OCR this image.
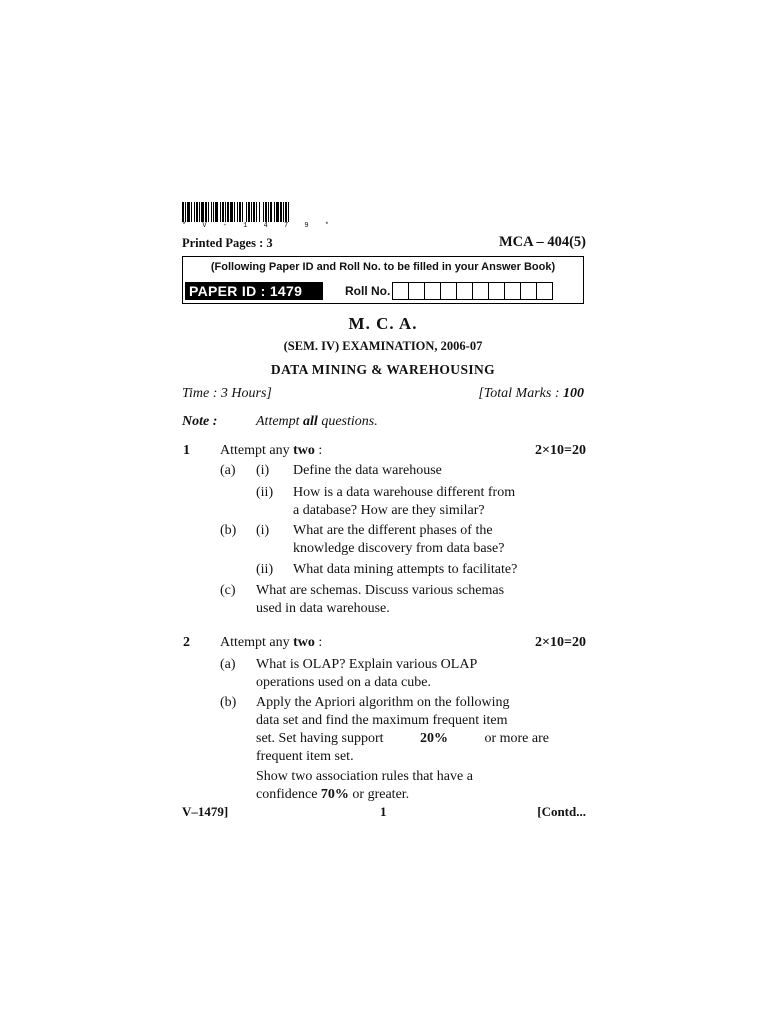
* V - 1 4 7 9 *
Printed Pages : 3	MCA – 404(5)
(Following Paper ID and Roll No. to be filled in your Answer Book)
PAPER ID : 1479	Roll No.
M. C. A.
(SEM. IV) EXAMINATION, 2006-07
DATA MINING & WAREHOUSING
Time : 3 Hours]	[Total Marks : 100
Note :	Attempt all questions.
1 Attempt any two :	2×10=20
(a) (i) Define the data warehouse
(ii) How is a data warehouse different from
a database? How are they similar?
(b) (i) What are the different phases of the
knowledge discovery from data base?
(ii) What data mining attempts to facilitate?
(c) What are schemas. Discuss various schemas
used in data warehouse.
2 Attempt any two :	2×10=20
(a) What is OLAP? Explain various OLAP
operations used on a data cube.
(b) Apply the Apriori algorithm on the following
data set and find the maximum frequent item
set. Set having support	20%	or more are
frequent item set.
Show two association rules that have a
confidence 70% or greater.
V–1479]	1	[Contd...
